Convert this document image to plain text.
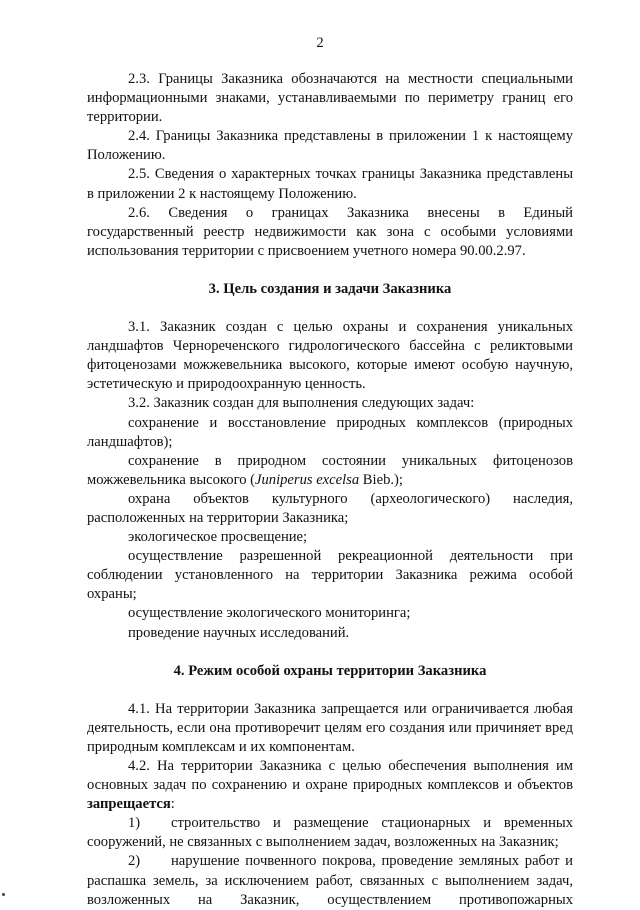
2

2.3. Границы Заказника обозначаются на местности специальными информационными знаками, устанавливаемыми по периметру границ его территории.

2.4. Границы Заказника представлены в приложении 1 к настоящему Положению.

2.5. Сведения о характерных точках границы Заказника представлены в приложении 2 к настоящему Положению.

2.6. Сведения о границах Заказника внесены в Единый государственный реестр недвижимости как зона с особыми условиями использования территории с присвоением учетного номера 90.00.2.97.

3. Цель создания и задачи Заказника

3.1. Заказник создан с целью охраны и сохранения уникальных ландшафтов Чернореченского гидрологического бассейна с реликтовыми фитоценозами можжевельника высокого, которые имеют особую научную, эстетическую и природоохранную ценность.

3.2. Заказник создан для выполнения следующих задач:

сохранение и восстановление природных комплексов (природных ландшафтов);

сохранение в природном состоянии уникальных фитоценозов можжевельника высокого (Juniperus excelsa Bieb.);

охрана объектов культурного (археологического) наследия, расположенных на территории Заказника;

экологическое просвещение;

осуществление разрешенной рекреационной деятельности при соблюдении установленного на территории Заказника режима особой охраны;

осуществление экологического мониторинга;

проведение научных исследований.

4. Режим особой охраны территории Заказника

4.1. На территории Заказника запрещается или ограничивается любая деятельность, если она противоречит целям его создания или причиняет вред природным комплексам и их компонентам.

4.2. На территории Заказника с целью обеспечения выполнения им основных задач по сохранению и охране природных комплексов и объектов запрещается:

1) строительство и размещение стационарных и временных сооружений, не связанных с выполнением задач, возложенных на Заказник;

2) нарушение почвенного покрова, проведение земляных работ и распашка земель, за исключением работ, связанных с выполнением задач,

возложенных на Заказник, осуществлением противопожарных
